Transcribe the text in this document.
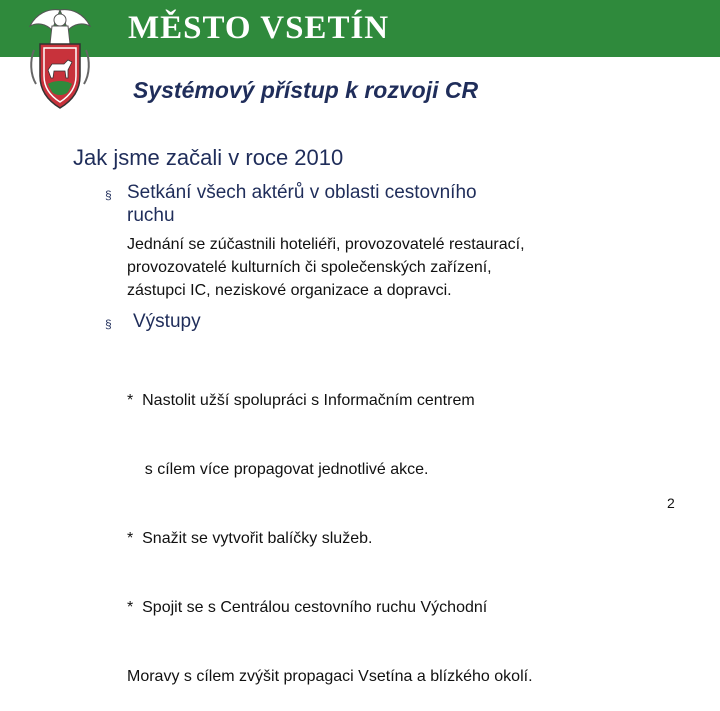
MĚSTO VSETÍN
Systémový přístup k rozvoji CR
Jak jsme začali v roce 2010
§ Setkání všech aktérů v oblasti cestovního
ruchu
Jednání se zúčastnili hoteliéři, provozovatelé restaurací,
provozovatelé kulturních či společenských zařízení,
zástupci IC, neziskové organizace a dopravci.
§ Výstupy

*  Nastolit užší spolupráci s Informačním centrem

s cílem více propagovat jednotlivé akce.

*  Snažit se vytvořit balíčky služeb.

*  Spojit se s Centrálou cestovního ruchu Východní

Moravy s cílem zvýšit propagaci Vsetína a blízkého okolí.

2
